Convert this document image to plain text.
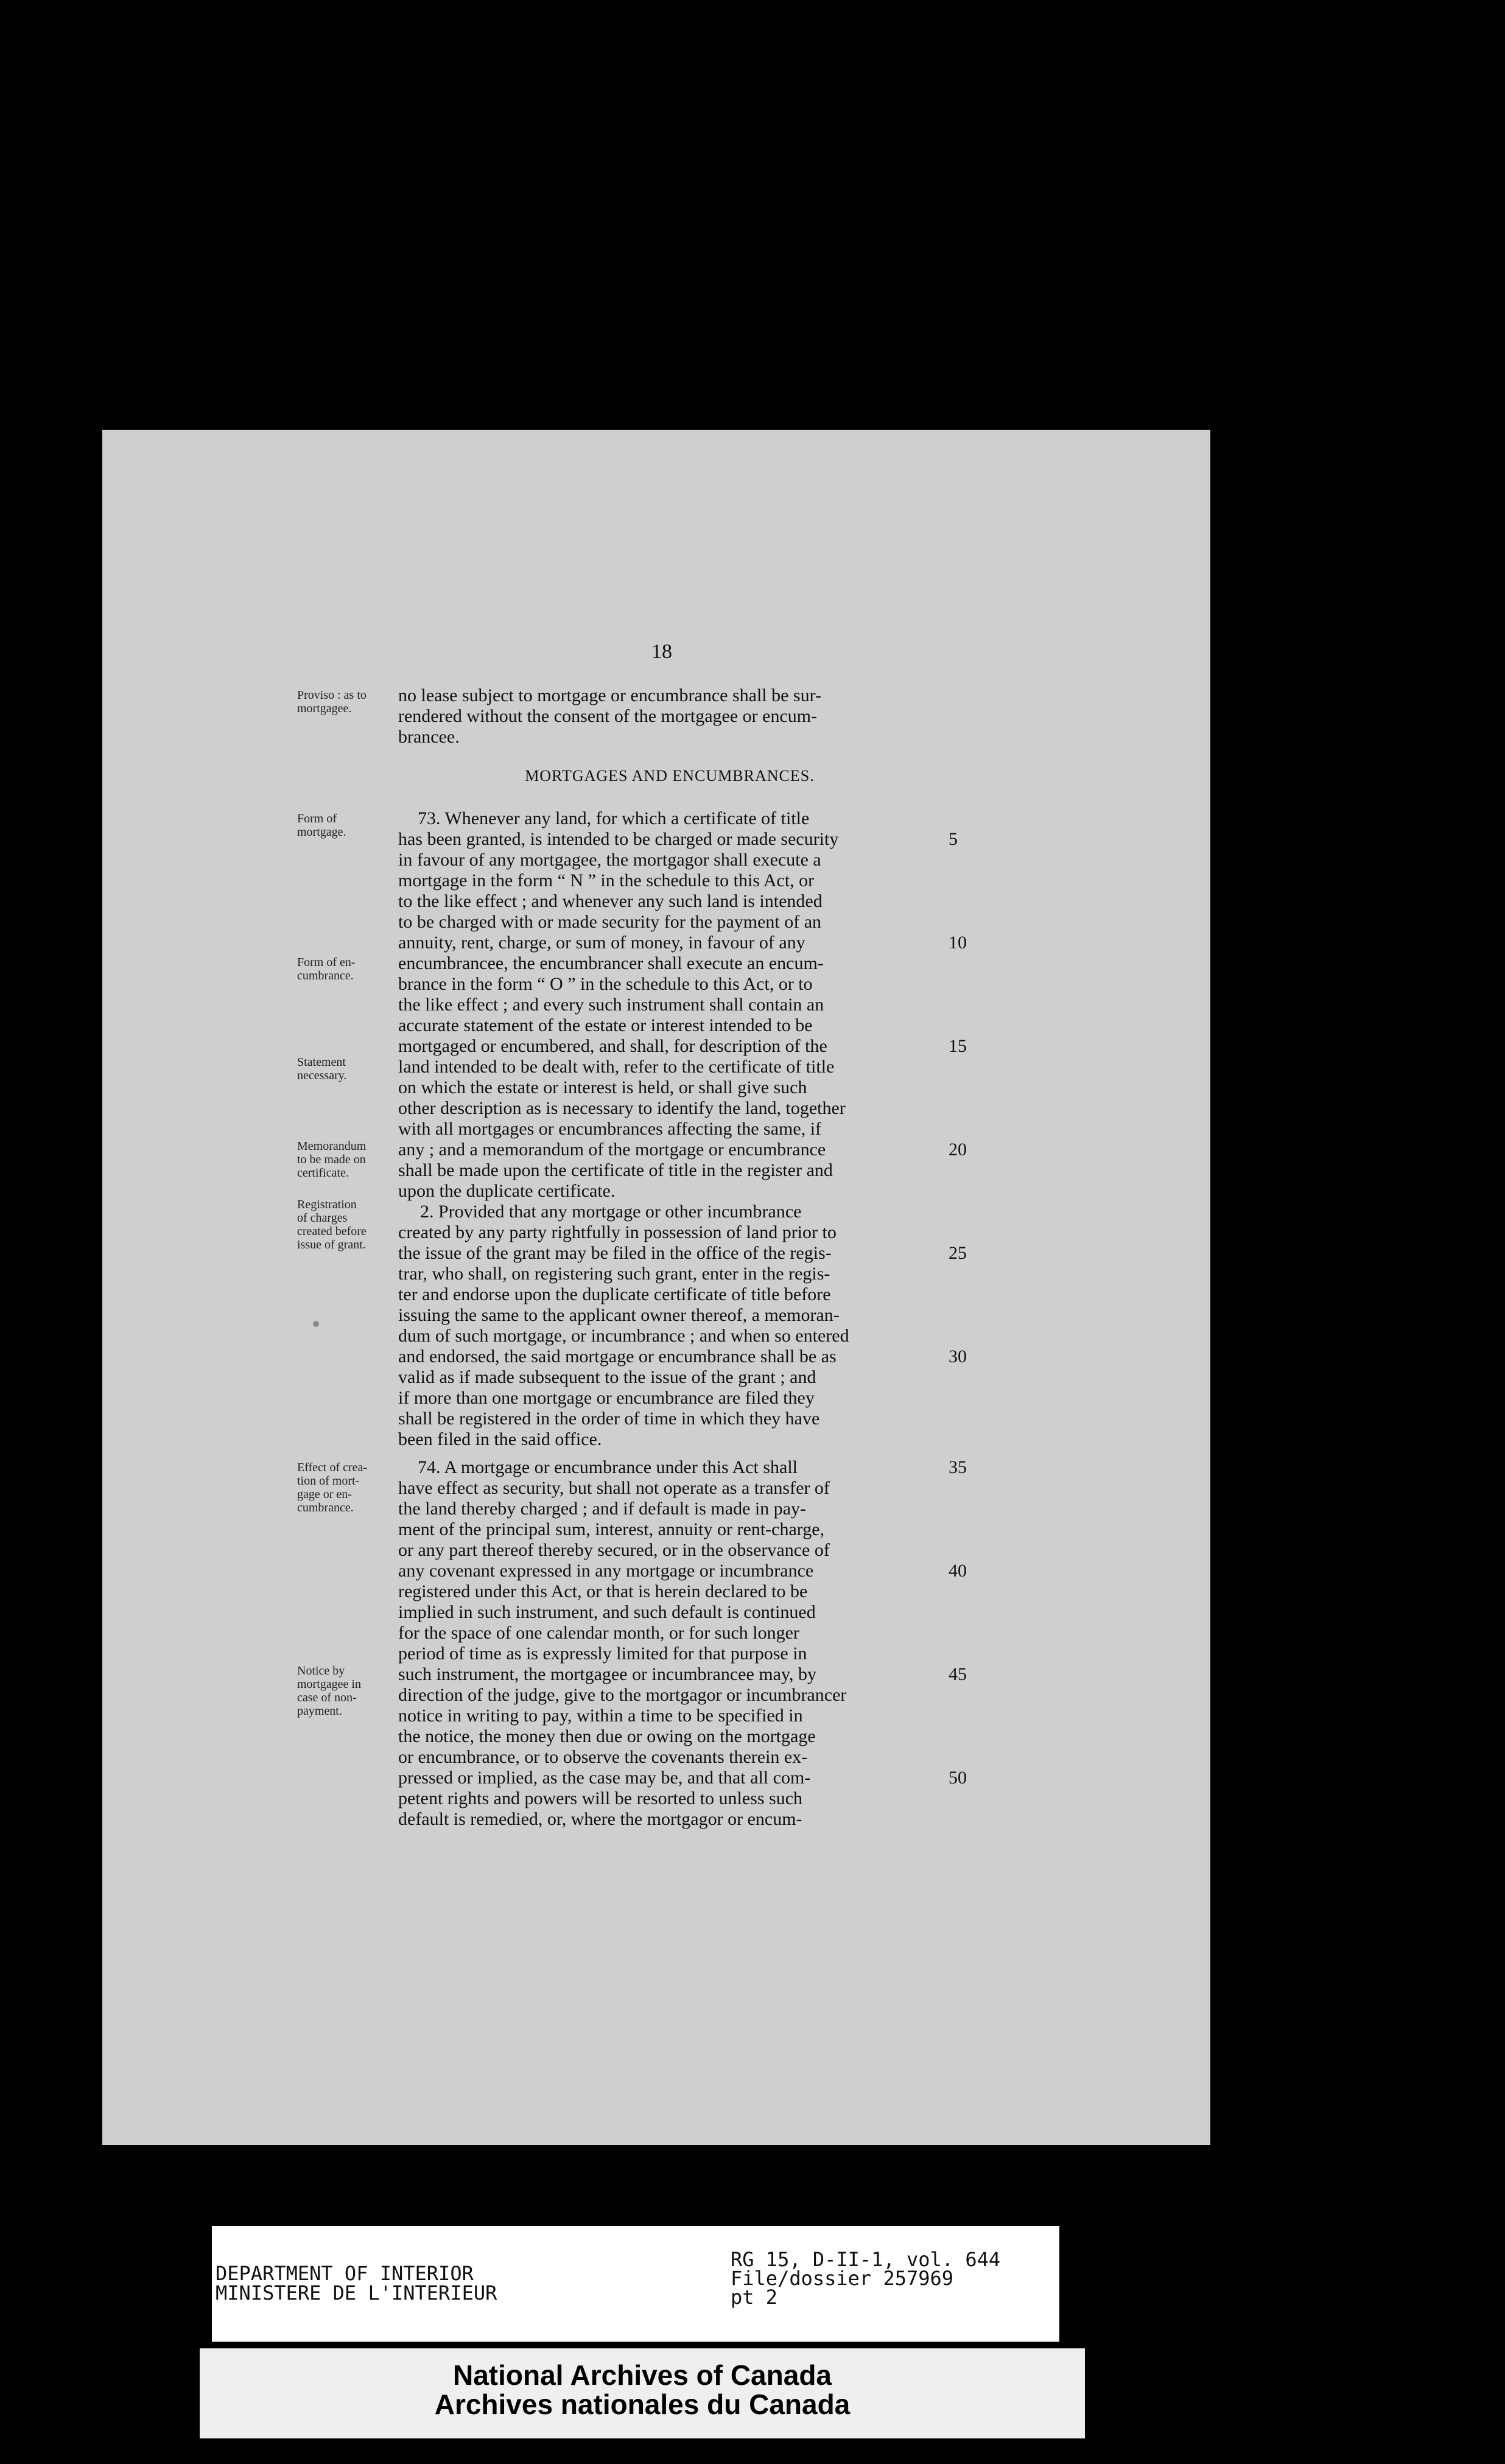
18
Proviso : as to
mortgagee.
Form of
mortgage.
Form of en-
cumbrance.
Statement
necessary.
Memorandum
to be made on
certificate.
Registration
of charges
created before
issue of grant.
Effect of crea-
tion of mort-
gage or en-
cumbrance.
Notice by
mortgagee in
case of non-
payment.
MORTGAGES AND ENCUMBRANCES.
no lease subject to mortgage or encumbrance shall be sur-
rendered without the consent of the mortgagee or encum-
brancee.
73. Whenever any land, for which a certificate of title
has been granted, is intended to be charged or made security
in favour of any mortgagee, the mortgagor shall execute a
mortgage in the form “ N ” in the schedule to this Act, or
to the like effect ; and whenever any such land is intended
to be charged with or made security for the payment of an
annuity, rent, charge, or sum of money, in favour of any
encumbrancee, the encumbrancer shall execute an encum-
brance in the form “ O ” in the schedule to this Act, or to
the like effect ; and every such instrument shall contain an
accurate statement of the estate or interest intended to be
mortgaged or encumbered, and shall, for description of the
land intended to be dealt with, refer to the certificate of title
on which the estate or interest is held, or shall give such
other description as is necessary to identify the land, together
with all mortgages or encumbrances affecting the same, if
any ; and a memorandum of the mortgage or encumbrance
shall be made upon the certificate of title in the register and
upon the duplicate certificate.
2. Provided that any mortgage or other incumbrance
created by any party rightfully in possession of land prior to
the issue of the grant may be filed in the office of the regis-
trar, who shall, on registering such grant, enter in the regis-
ter and endorse upon the duplicate certificate of title before
issuing the same to the applicant owner thereof, a memoran-
dum of such mortgage, or incumbrance ; and when so entered
and endorsed, the said mortgage or encumbrance shall be as
valid as if made subsequent to the issue of the grant ; and
if more than one mortgage or encumbrance are filed they
shall be registered in the order of time in which they have
been filed in the said office.
74. A mortgage or encumbrance under this Act shall
have effect as security, but shall not operate as a transfer of
the land thereby charged ; and if default is made in pay-
ment of the principal sum, interest, annuity or rent-charge,
or any part thereof thereby secured, or in the observance of
any covenant expressed in any mortgage or incumbrance
registered under this Act, or that is herein declared to be
implied in such instrument, and such default is continued
for the space of one calendar month, or for such longer
period of time as is expressly limited for that purpose in
such instrument, the mortgagee or incumbrancee may, by
direction of the judge, give to the mortgagor or incumbrancer
notice in writing to pay, within a time to be specified in
the notice, the money then due or owing on the mortgage
or encumbrance, or to observe the covenants therein ex-
pressed or implied, as the case may be, and that all com-
petent rights and powers will be resorted to unless such
default is remedied, or, where the mortgagor or encum-
5
10
15
20
25
30
35
40
45
50
DEPARTMENT OF INTERIOR
MINISTERE DE L'INTERIEUR
RG 15, D-II-1, vol. 644
File/dossier 257969
pt 2
National Archives of Canada
Archives nationales du Canada
